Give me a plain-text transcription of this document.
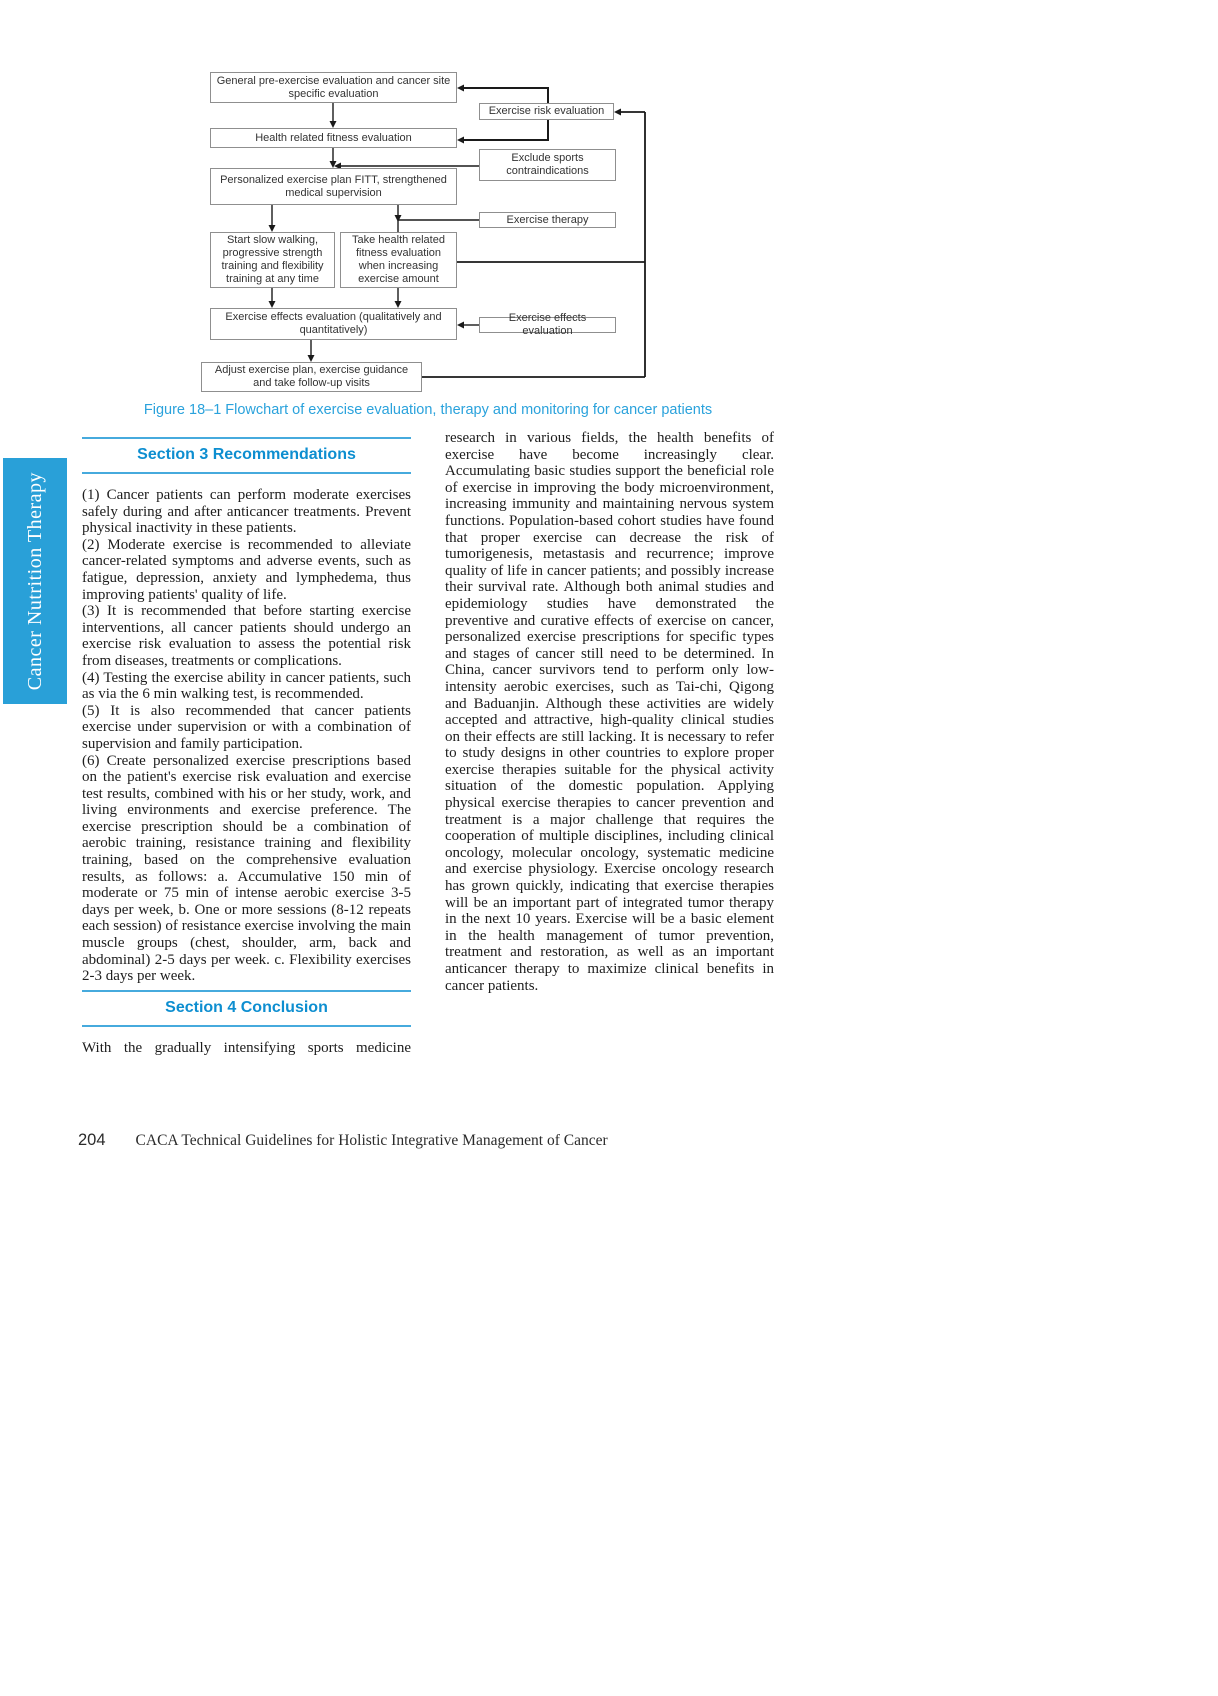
Cancer Nutrition Therapy
General pre-exercise evaluation and cancer site specific evaluation
Health related fitness evaluation
Personalized exercise plan FITT, strengthened medical supervision
Start slow walking, progressive strength training and flexibility training at any time
Take health related fitness evaluation when increasing exercise amount
Exercise effects evaluation (qualitatively and quantitatively)
Adjust exercise plan, exercise guidance and take follow-up visits
Exercise risk evaluation
Exclude sports contraindications
Exercise therapy
Exercise effects evaluation
Figure 18–1 Flowchart of exercise evaluation, therapy and monitoring for cancer patients
Section 3 Recommendations

(1) Cancer patients can perform moderate exercises safely during and after anticancer treatments. Prevent physical inactivity in these patients.

(2) Moderate exercise is recommended to alleviate cancer-related symptoms and adverse events, such as fatigue, depression, anxiety and lymphedema, thus improving patients' quality of life.

(3) It is recommended that before starting exercise interventions, all cancer patients should undergo an exercise risk evaluation to assess the potential risk from diseases, treatments or complications.

(4) Testing the exercise ability in cancer patients, such as via the 6 min walking test, is recommended.

(5) It is also recommended that cancer patients exercise under supervision or with a combination of supervision and family participation.

(6) Create personalized exercise prescriptions based on the patient's exercise risk evaluation and exercise test results, combined with his or her study, work, and living environments and exercise preference. The exercise prescription should be a combination of aerobic training, resistance training and flexibility training, based on the comprehensive evaluation results, as follows: a. Accumulative 150 min of moderate or 75 min of intense aerobic exercise 3-5 days per week, b. One or more sessions (8-12 repeats each session) of resistance exercise involving the main muscle groups (chest, shoulder, arm, back and abdominal) 2-5 days per week. c. Flexibility exercises 2-3 days per week.

Section 4 Conclusion

With the gradually intensifying sports medicine

research in various fields, the health benefits of exercise have become increasingly clear. Accumulating basic studies support the beneficial role of exercise in improving the body microenvironment, increasing immunity and maintaining nervous system functions. Population-based cohort studies have found that proper exercise can decrease the risk of tumorigenesis, metastasis and recurrence; improve quality of life in cancer patients; and possibly increase their survival rate. Although both animal studies and epidemiology studies have demonstrated the preventive and curative effects of exercise on cancer, personalized exercise prescriptions for specific types and stages of cancer still need to be determined. In China, cancer survivors tend to perform only low-intensity aerobic exercises, such as Tai-chi, Qigong and Baduanjin. Although these activities are widely accepted and attractive, high-quality clinical studies on their effects are still lacking. It is necessary to refer to study designs in other countries to explore proper exercise therapies suitable for the physical activity situation of the domestic population. Applying physical exercise therapies to cancer prevention and treatment is a major challenge that requires the cooperation of multiple disciplines, including clinical oncology, molecular oncology, systematic medicine and exercise physiology. Exercise oncology research has grown quickly, indicating that exercise therapies will be an important part of integrated tumor therapy in the next 10 years. Exercise will be a basic element in the health management of tumor prevention, treatment and restoration, as well as an important anticancer therapy to maximize clinical benefits in cancer patients.

204 CACA Technical Guidelines for Holistic Integrative Management of Cancer
